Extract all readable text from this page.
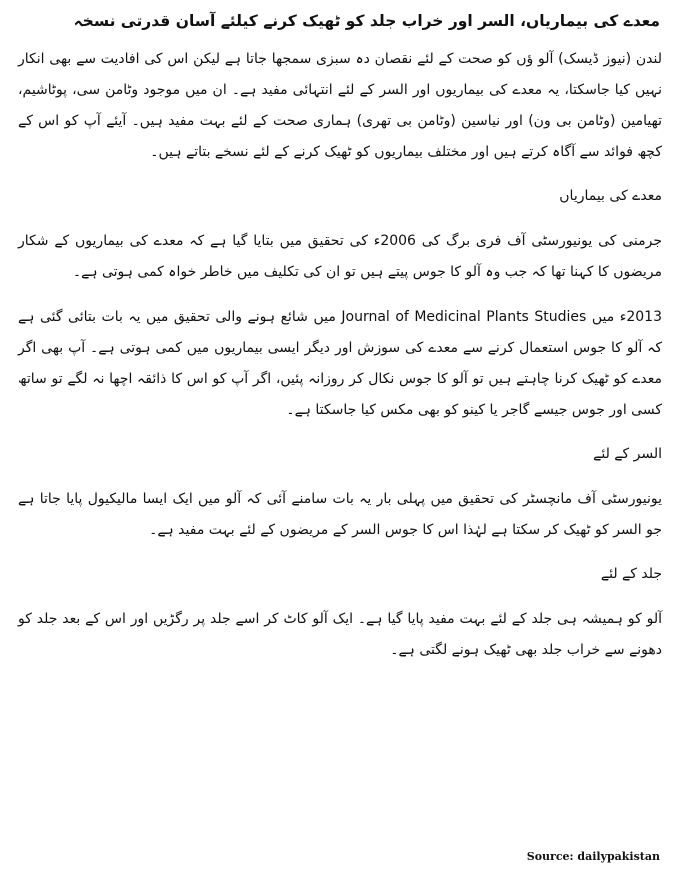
معدے کی بیماریاں، السر اور خراب جلد کو ٹھیک کرنے کیلئے آسان قدرتی نسخہ
لندن (نیوز ڈیسک) آلو ؤں کو صحت کے لئے نقصان دہ سبزی سمجھا جاتا ہے لیکن اس کی افادیت سے بھی انکار نہیں کیا جاسکتا، یہ معدے کی بیماریوں اور السر کے لئے انتہائی مفید ہے۔ ان میں موجود وٹامن سی، پوٹاشیم، تھیامین (وٹامن بی ون) اور نیاسین (وٹامن بی تھری) ہماری صحت کے لئے بہت مفید ہیں۔ آیئے آپ کو اس کے کچھ فوائد سے آگاہ کرتے ہیں اور مختلف بیماریوں کو ٹھیک کرنے کے لئے نسخے بتاتے ہیں۔
معدے کی بیماریاں
جرمنی کی یونیورسٹی آف فری برگ کی 2006ء کی تحقیق میں بتایا گیا ہے کہ معدے کی بیماریوں کے شکار مریضوں کا کہنا تھا کہ جب وہ آلو کا جوس پیتے ہیں تو ان کی تکلیف میں خاطر خواہ کمی ہوتی ہے۔
2013ء میں Journal of Medicinal Plants Studies میں شائع ہونے والی تحقیق میں یہ بات بتائی گئی ہے کہ آلو کا جوس استعمال کرنے سے معدے کی سوزش اور دیگر ایسی بیماریوں میں کمی ہوتی ہے۔ آپ بھی اگر معدے کو ٹھیک کرنا چاہتے ہیں تو آلو کا جوس نکال کر روزانہ پئیں، اگر آپ کو اس کا ذائقہ اچھا نہ لگے تو ساتھ کسی اور جوس جیسے گاجر یا کینو کو بھی مکس کیا جاسکتا ہے۔
السر کے لئے
یونیورسٹی آف مانچسٹر کی تحقیق میں پہلی بار یہ بات سامنے آئی کہ آلو میں ایک ایسا مالیکیول پایا جاتا ہے جو السر کو ٹھیک کر سکتا ہے لہٰذا اس کا جوس السر کے مریضوں کے لئے بہت مفید ہے۔
جلد کے لئے
آلو کو ہمیشہ ہی جلد کے لئے بہت مفید پایا گیا ہے۔ ایک آلو کاٹ کر اسے جلد پر رگڑیں اور اس کے بعد جلد کو دھونے سے خراب جلد بھی ٹھیک ہونے لگتی ہے۔
Source: dailypakistan
